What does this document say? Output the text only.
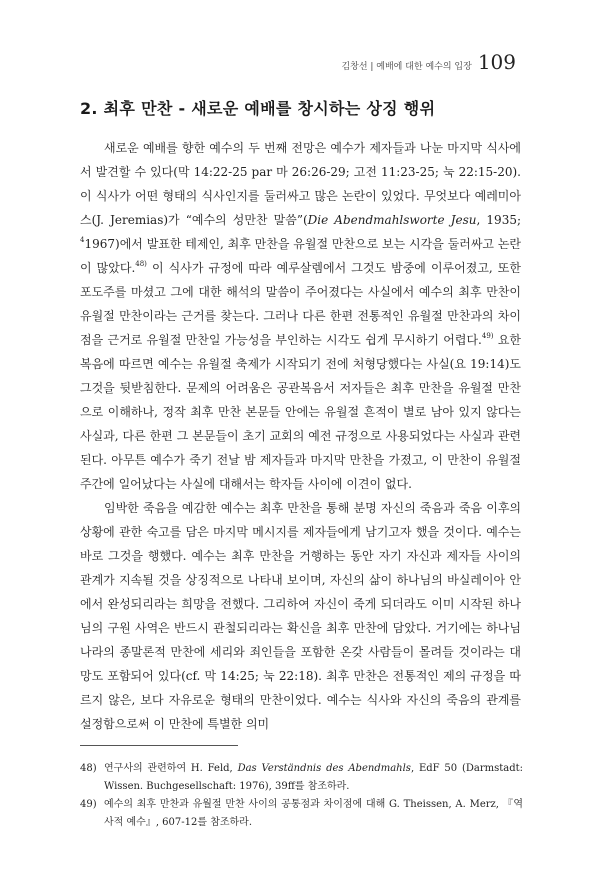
김창선 | 예배에 대한 예수의 입장 109
2. 최후 만찬 - 새로운 예배를 창시하는 상징 행위

새로운 예배를 향한 예수의 두 번째 전망은 예수가 제자들과 나눈 마지막 식사에서 발견할 수 있다(막 14:22-25 par 마 26:26-29; 고전 11:23-25; 눅 22:15-20). 이 식사가 어떤 형태의 식사인지를 둘러싸고 많은 논란이 있었다. 무엇보다 예레미아스(J. Jeremias)가 “예수의 성만찬 말씀”(Die Abendmahlsworte Jesu, 1935; $^4$1967)에서 발표한 테제인, 최후 만찬을 유월절 만찬으로 보는 시각을 둘러싸고 논란이 많았다.$^{48)}$ 이 식사가 규정에 따라 예루살렘에서 그것도 밤중에 이루어졌고, 또한 포도주를 마셨고 그에 대한 해석의 말씀이 주어졌다는 사실에서 예수의 최후 만찬이 유월절 만찬이라는 근거를 찾는다. 그러나 다른 한편 전통적인 유월절 만찬과의 차이점을 근거로 유월절 만찬일 가능성을 부인하는 시각도 쉽게 무시하기 어렵다.$^{49)}$ 요한복음에 따르면 예수는 유월절 축제가 시작되기 전에 처형당했다는 사실(요 19:14)도 그것을 뒷받침한다. 문제의 어려움은 공관복음서 저자들은 최후 만찬을 유월절 만찬으로 이해하나, 정작 최후 만찬 본문들 안에는 유월절 흔적이 별로 남아 있지 않다는 사실과, 다른 한편 그 본문들이 초기 교회의 예전 규정으로 사용되었다는 사실과 관련된다. 아무튼 예수가 죽기 전날 밤 제자들과 마지막 만찬을 가졌고, 이 만찬이 유월절 주간에 일어났다는 사실에 대해서는 학자들 사이에 이견이 없다.

임박한 죽음을 예감한 예수는 최후 만찬을 통해 분명 자신의 죽음과 죽음 이후의 상황에 관한 숙고를 담은 마지막 메시지를 제자들에게 남기고자 했을 것이다. 예수는 바로 그것을 행했다. 예수는 최후 만찬을 거행하는 동안 자기 자신과 제자들 사이의 관계가 지속될 것을 상징적으로 나타내 보이며, 자신의 삶이 하나님의 바실레이아 안에서 완성되리라는 희망을 전했다. 그리하여 자신이 죽게 되더라도 이미 시작된 하나님의 구원 사역은 반드시 관철되리라는 확신을 최후 만찬에 담았다. 거기에는 하나님 나라의 종말론적 만찬에 세리와 죄인들을 포함한 온갖 사람들이 몰려들 것이라는 대망도 포함되어 있다(cf. 막 14:25; 눅 22:18). 최후 만찬은 전통적인 제의 규정을 따르지 않은, 보다 자유로운 형태의 만찬이었다. 예수는 식사와 자신의 죽음의 관계를 설정함으로써 이 만찬에 특별한 의미

48) 연구사의 관련하여 H. Feld, Das Verständnis des Abendmahls, EdF 50 (Darmstadt: Wissen. Buchgesellschaft: 1976), 39ff를 참조하라.
49) 예수의 최후 만찬과 유월절 만찬 사이의 공통점과 차이점에 대해 G. Theissen, A. Merz, 『역사적 예수』, 607-12를 참조하라.
